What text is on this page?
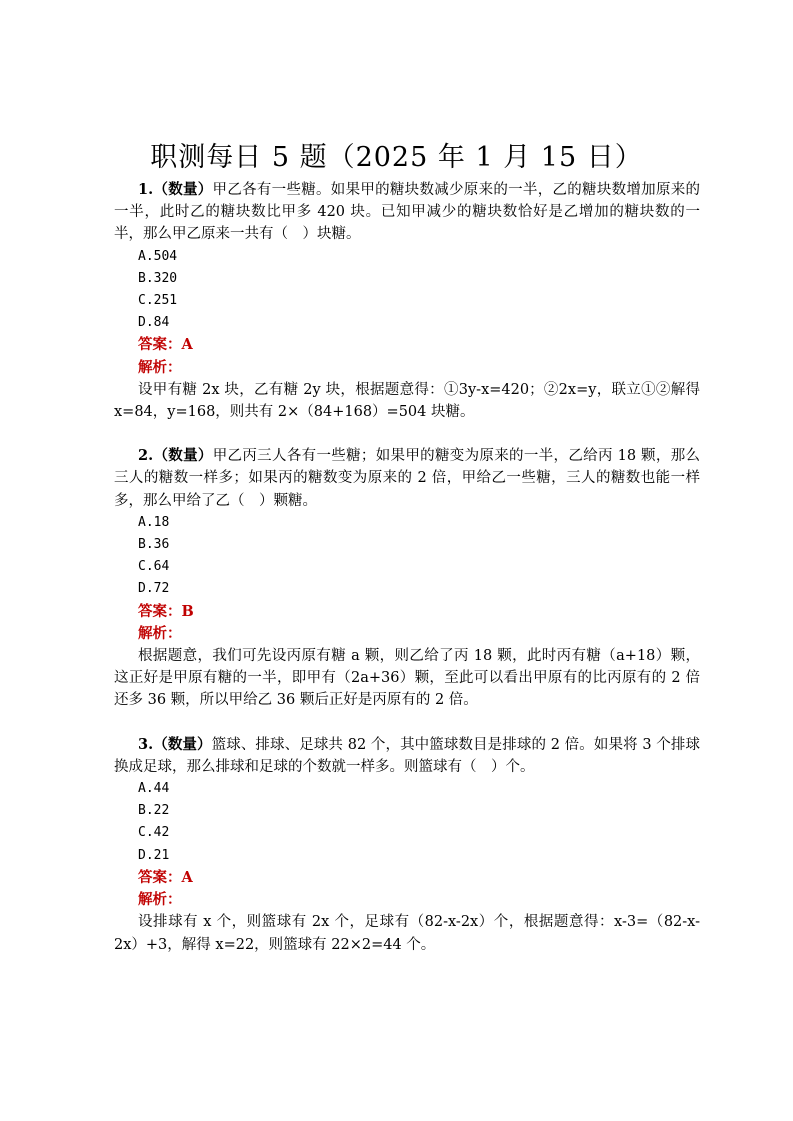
职测每日 5 题（2025 年 1 月 15 日）

1.（数量）甲乙各有一些糖。如果甲的糖块数减少原来的一半，乙的糖块数增加原来的一半，此时乙的糖块数比甲多 420 块。已知甲减少的糖块数恰好是乙增加的糖块数的一半，那么甲乙原来一共有（　）块糖。

A.504

B.320

C.251

D.84

答案：A

解析：

设甲有糖 2x 块，乙有糖 2y 块，根据题意得：①3y-x=420；②2x=y，联立①②解得 x=84，y=168，则共有 2×（84+168）=504 块糖。

2.（数量）甲乙丙三人各有一些糖；如果甲的糖变为原来的一半，乙给丙 18 颗，那么三人的糖数一样多；如果丙的糖数变为原来的 2 倍，甲给乙一些糖，三人的糖数也能一样多，那么甲给了乙（　）颗糖。

A.18

B.36

C.64

D.72

答案：B

解析：

根据题意，我们可先设丙原有糖 a 颗，则乙给了丙 18 颗，此时丙有糖（a+18）颗，这正好是甲原有糖的一半，即甲有（2a+36）颗，至此可以看出甲原有的比丙原有的 2 倍还多 36 颗，所以甲给乙 36 颗后正好是丙原有的 2 倍。

3.（数量）篮球、排球、足球共 82 个，其中篮球数目是排球的 2 倍。如果将 3 个排球换成足球，那么排球和足球的个数就一样多。则篮球有（　）个。

A.44

B.22

C.42

D.21

答案：A

解析：

设排球有 x 个，则篮球有 2x 个，足球有（82-x-2x）个，根据题意得：x-3=（82-x-2x）+3，解得 x=22，则篮球有 22×2=44 个。
